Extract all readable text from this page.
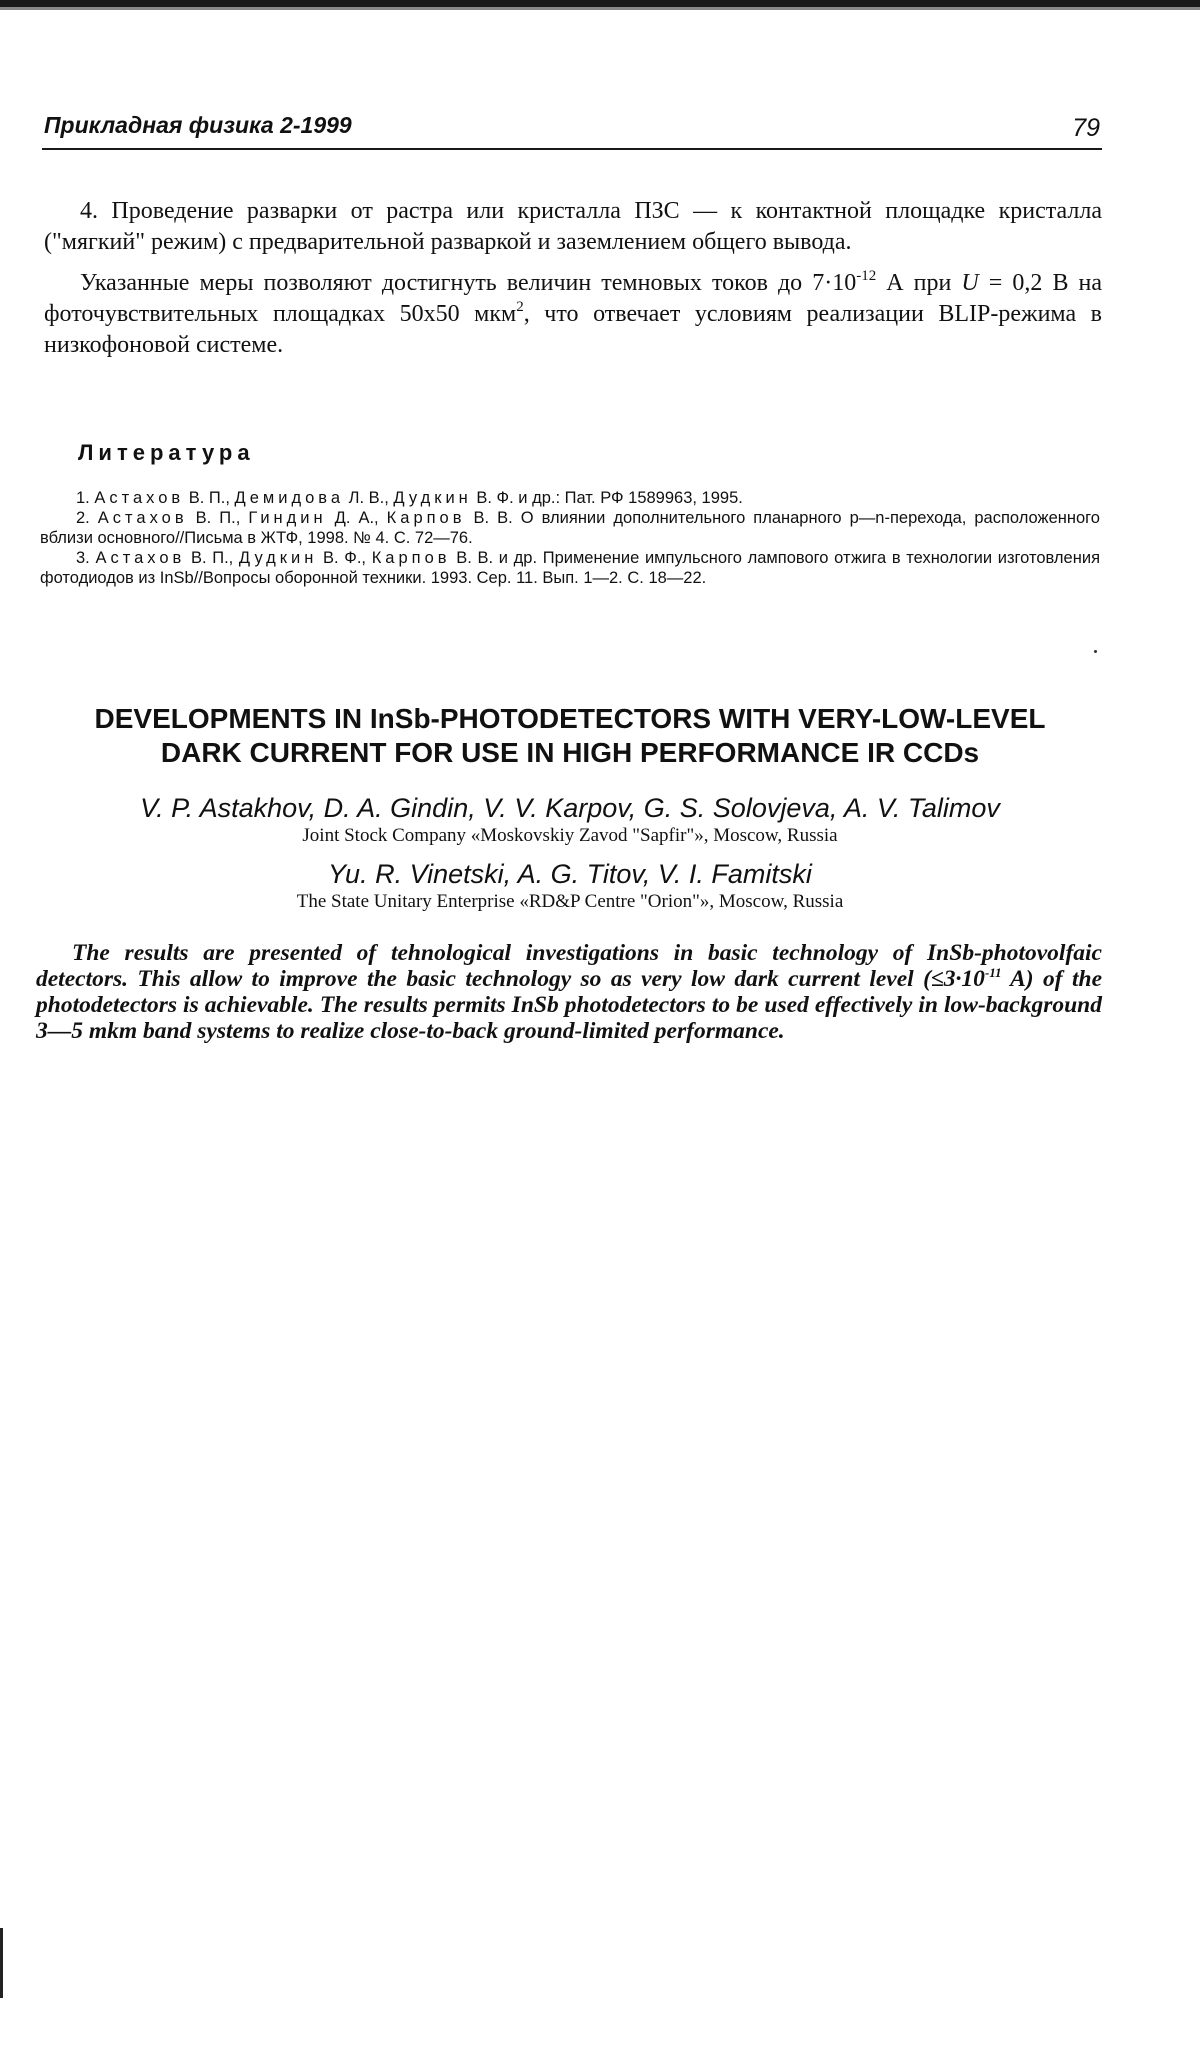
Прикладная физика 2-1999	79

4. Проведение разварки от растра или кристалла ПЗС — к контактной площадке кристалла ("мягкий" режим) с предварительной разваркой и заземлением общего вывода.

Указанные меры позволяют достигнуть величин темновых токов до $7\cdot 10^{-12}$ А при U = 0,2 В на фоточувствительных площадках 50х50 мкм$^2$, что отвечает условиям реализации BLIP-режима в низкофоновой системе.

Литература

1. Астахов В. П., Демидова Л. В., Дудкин В. Ф. и др.: Пат. РФ 1589963, 1995.

2. Астахов В. П., Гиндин Д. А., Карпов В. В. О влиянии дополнительного планарного р—n-перехода, расположенного вблизи основного//Письма в ЖТФ, 1998. № 4. С. 72—76.

3. Астахов В. П., Дудкин В. Ф., Карпов В. В. и др. Применение импульсного лампового отжига в технологии изготовления фотодиодов из InSb//Вопросы оборонной техники. 1993. Сер. 11. Вып. 1—2. С. 18—22.

DEVELOPMENTS IN InSb-PHOTODETECTORS WITH VERY-LOW-LEVEL
DARK CURRENT FOR USE IN HIGH PERFORMANCE IR CCDs
V. P. Astakhov, D. A. Gindin, V. V. Karpov, G. S. Solovjeva, A. V. Talimov
Joint Stock Company «Moskovskiy Zavod "Sapfir"», Moscow, Russia
Yu. R. Vinetski, A. G. Titov, V. I. Famitski
The State Unitary Enterprise «RD&P Centre "Orion"», Moscow, Russia

The results are presented of tehnological investigations in basic technology of InSb-photovolfaic detectors. This allow to improve the basic technology so as very low dark current level ($\le 3\cdot 10^{-11}$ A) of the photodetectors is achievable. The results permits InSb photodetectors to be used effectively in low-background 3—5 mkm band systems to realize close-to-back ground-limited performance.
